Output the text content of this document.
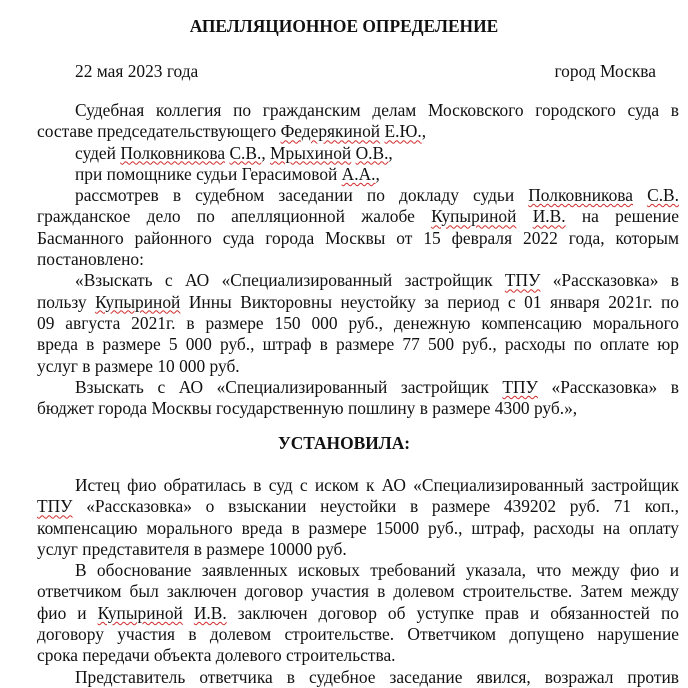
АПЕЛЛЯЦИОННОЕ ОПРЕДЕЛЕНИЕ
22 мая 2023 года	город Москва
Судебная коллегия по гражданским делам Московского городского суда в
составе председательствующего Федерякиной Е.Ю.,
судей Полковникова С.В., Мрыхиной О.В.,
при помощнике судьи Герасимовой А.А.,
рассмотрев в судебном заседании по докладу судьи Полковникова С.В.
гражданское дело по апелляционной жалобе Купыриной И.В. на решение
Басманного районного суда города Москвы от 15 февраля 2022 года, которым
постановлено:
«Взыскать с АО «Специализированный застройщик ТПУ «Рассказовка» в
пользу Купыриной Инны Викторовны неустойку за период с 01 января 2021г. по
09 августа 2021г. в размере 150 000 руб., денежную компенсацию морального
вреда в размере 5 000 руб., штраф в размере 77 500 руб., расходы по оплате юр
услуг в размере 10 000 руб.
Взыскать с АО «Специализированный застройщик ТПУ «Рассказовка» в
бюджет города Москвы государственную пошлину в размере 4300 руб.»,
УСТАНОВИЛА:
Истец фио обратилась в суд с иском к АО «Специализированный застройщик
ТПУ «Рассказовка» о взыскании неустойки в размере 439202 руб. 71 коп.,
компенсацию морального вреда в размере 15000 руб., штраф, расходы на оплату
услуг представителя в размере 10000 руб.
В обоснование заявленных исковых требований указала, что между фио и
ответчиком был заключен договор участия в долевом строительстве. Затем между
фио и Купыриной И.В. заключен договор об уступке прав и обязанностей по
договору участия в долевом строительстве. Ответчиком допущено нарушение
срока передачи объекта долевого строительства.
Представитель ответчика в судебное заседание явился, возражал против
